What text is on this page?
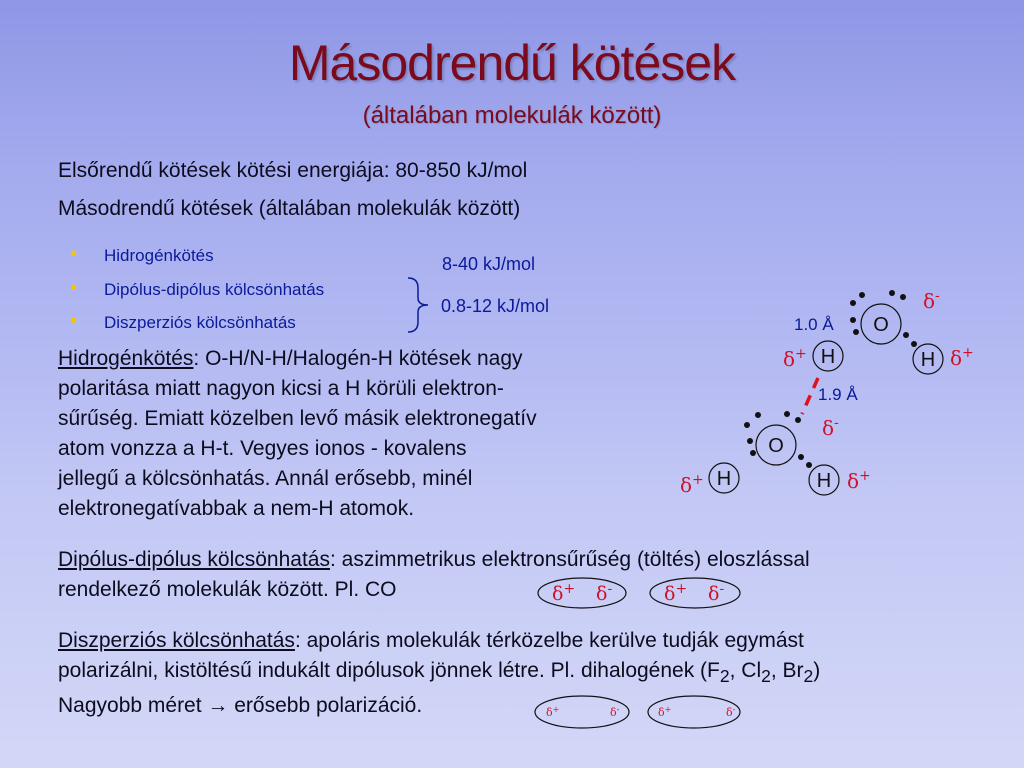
Másodrendű kötések
(általában molekulák között)
Elsőrendű kötések kötési energiája: 80-850 kJ/mol
Másodrendű kötések (általában molekulák között)
• Hidrogénkötés
• Dipólus-dipólus kölcsönhatás
• Diszperziós kölcsönhatás
8-40 kJ/mol
0.8-12 kJ/mol
Hidrogénkötés: O-H/N-H/Halogén-H kötések nagy
polaritása miatt nagyon kicsi a H körüli elektron-
sűrűség. Emiatt közelben levő másik elektronegatív
atom vonzza a H-t. Vegyes ionos - kovalens
jellegű a kölcsönhatás. Annál erősebb, minél
elektronegatívabbak a nem-H atomok.
Dipólus-dipólus kölcsönhatás: aszimmetrikus elektronsűrűség (töltés) eloszlással
rendelkező molekulák között. Pl. CO
Diszperziós kölcsönhatás: apoláris molekulák térközelbe kerülve tudják egymást
polarizálni, kistöltésű indukált dipólusok jönnek létre. Pl. dihalogének ($F_2$, $Cl_2$, $Br_2$)
Nagyobb méret → erősebb polarizáció.
δ+ δ-	δ+ δ-
δ+	δ-	δ+	δ-
O
H	H
1.0 Å
δ-
δ+	δ+
1.9 Å
O
H	H
δ-
δ+	δ+
